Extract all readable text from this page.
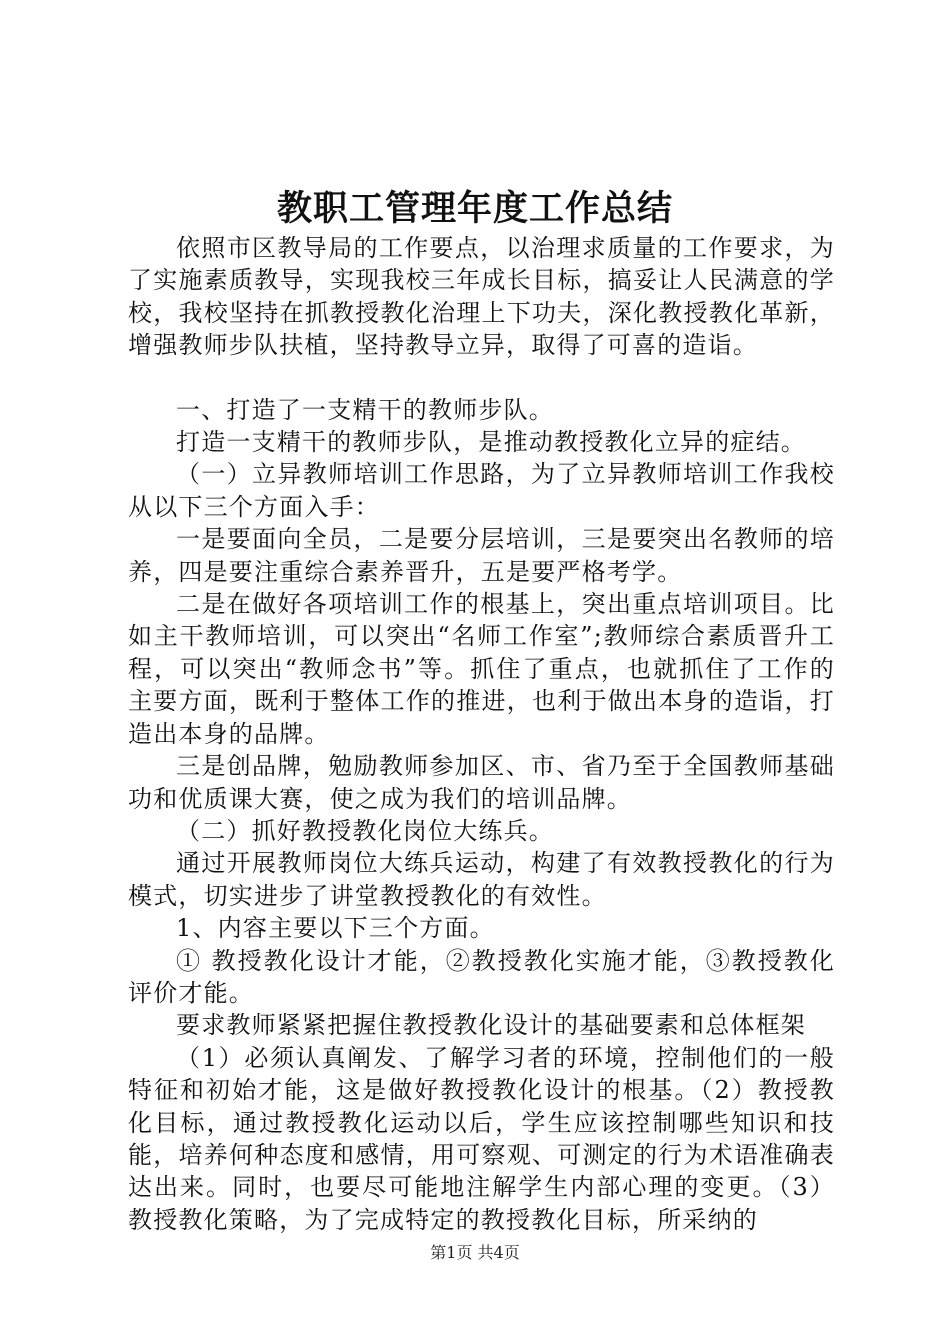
教职工管理年度工作总结

依照市区教导局的工作要点，以治理求质量的工作要求，为了实施素质教导，实现我校三年成长目标，搞妥让人民满意的学校，我校坚持在抓教授教化治理上下功夫，深化教授教化革新，增强教师步队扶植，坚持教导立异，取得了可喜的造诣。

一、打造了一支精干的教师步队。

打造一支精干的教师步队，是推动教授教化立异的症结。

（一）立异教师培训工作思路，为了立异教师培训工作我校从以下三个方面入手：

一是要面向全员，二是要分层培训，三是要突出名教师的培养，四是要注重综合素养晋升，五是要严格考学。

二是在做好各项培训工作的根基上，突出重点培训项目。比如主干教师培训，可以突出“名师工作室”;教师综合素质晋升工程，可以突出“教师念书”等。抓住了重点，也就抓住了工作的主要方面，既利于整体工作的推进，也利于做出本身的造诣，打造出本身的品牌。

三是创品牌，勉励教师参加区、市、省乃至于全国教师基础功和优质课大赛，使之成为我们的培训品牌。

（二）抓好教授教化岗位大练兵。

通过开展教师岗位大练兵运动，构建了有效教授教化的行为模式，切实进步了讲堂教授教化的有效性。

1、内容主要以下三个方面。

① 教授教化设计才能，②教授教化实施才能，③教授教化评价才能。

要求教师紧紧把握住教授教化设计的基础要素和总体框架

（1）必须认真阐发、了解学习者的环境，控制他们的一般特征和初始才能，这是做好教授教化设计的根基。（2）教授教化目标，通过教授教化运动以后，学生应该控制哪些知识和技能，培养何种态度和感情，用可察观、可测定的行为术语准确表达出来。同时，也要尽可能地注解学生内部心理的变更。（3）教授教化策略，为了完成特定的教授教化目标，所采纳的

第1页 共4页
